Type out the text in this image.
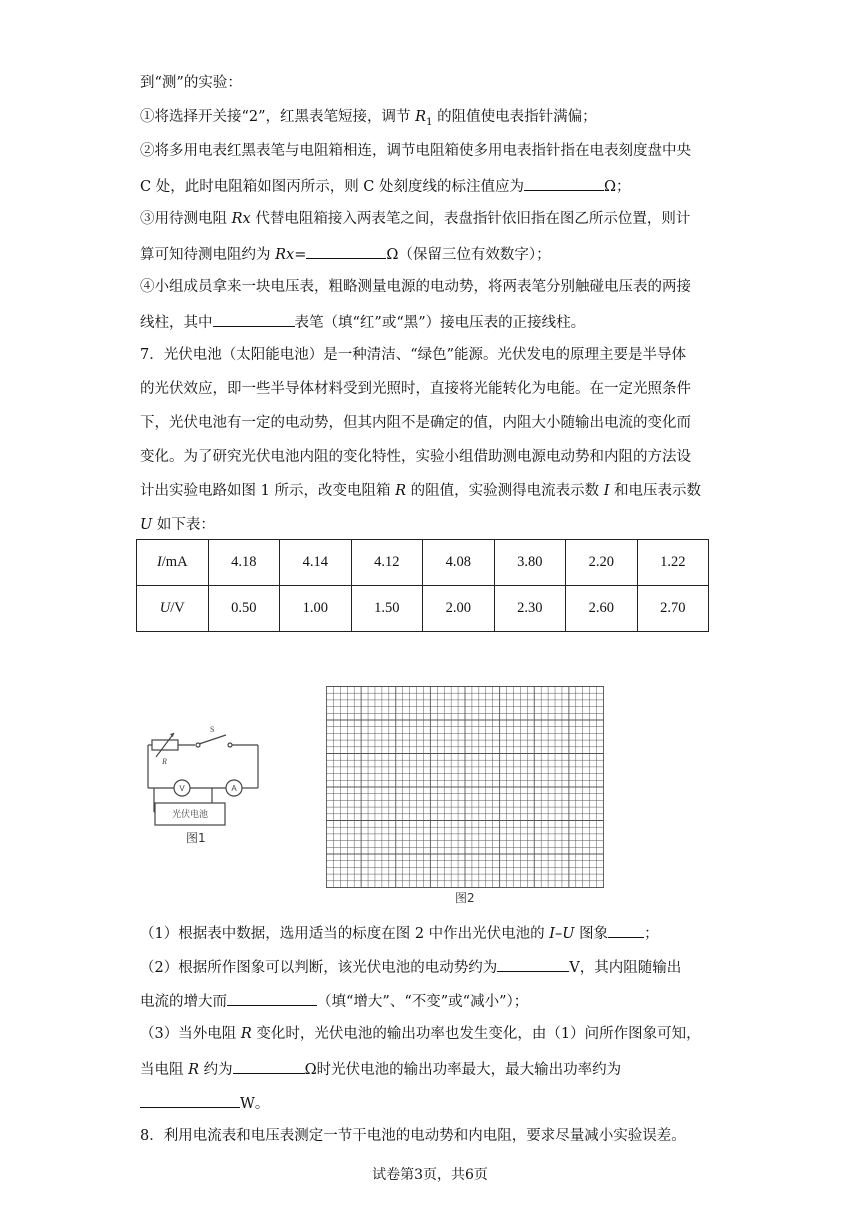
到“测”的实验：
①将选择开关接“2”，红黑表笔短接，调节 $R_1$ 的阻值使电表指针满偏；
②将多用电表红黑表笔与电阻箱相连，调节电阻箱使多用电表指针指在电表刻度盘中央
C 处，此时电阻箱如图丙所示，则 C 处刻度线的标注值应为	Ω；
③用待测电阻 Rx 代替电阻箱接入两表笔之间，表盘指针依旧指在图乙所示位置，则计
算可知待测电阻约为 Rx=	Ω（保留三位有效数字）；
④小组成员拿来一块电压表，粗略测量电源的电动势，将两表笔分别触碰电压表的两接
线柱，其中	表笔（填“红”或“黑”）接电压表的正接线柱。
7．光伏电池（太阳能电池）是一种清洁、“绿色”能源。光伏发电的原理主要是半导体
的光伏效应，即一些半导体材料受到光照时，直接将光能转化为电能。在一定光照条件
下，光伏电池有一定的电动势，但其内阻不是确定的值，内阻大小随输出电流的变化而
变化。为了研究光伏电池内阻的变化特性，实验小组借助测电源电动势和内阻的方法设
计出实验电路如图 1 所示，改变电阻箱 R 的阻值，实验测得电流表示数 I 和电压表示数
U 如下表：
I/mA	4.18	4.14	4.12	4.08	3.80	2.20	1.22
U/V	0.50	1.00	1.50	2.00	2.30	2.60	2.70
R
S
V	A
光伏电池
图1
图2
（1）根据表中数据，选用适当的标度在图 2 中作出光伏电池的 I–U 图象 ；
（2）根据所作图象可以判断，该光伏电池的电动势约为	V，其内阻随输出
电流的增大而	（填“增大”、“不变”或“减小”）；
（3）当外电阻 R 变化时，光伏电池的输出功率也发生变化，由（1）问所作图象可知，
当电阻 R 约为	Ω时光伏电池的输出功率最大，最大输出功率约为
W。
8．利用电流表和电压表测定一节干电池的电动势和内电阻，要求尽量减小实验误差。
试卷第3页，共6页
